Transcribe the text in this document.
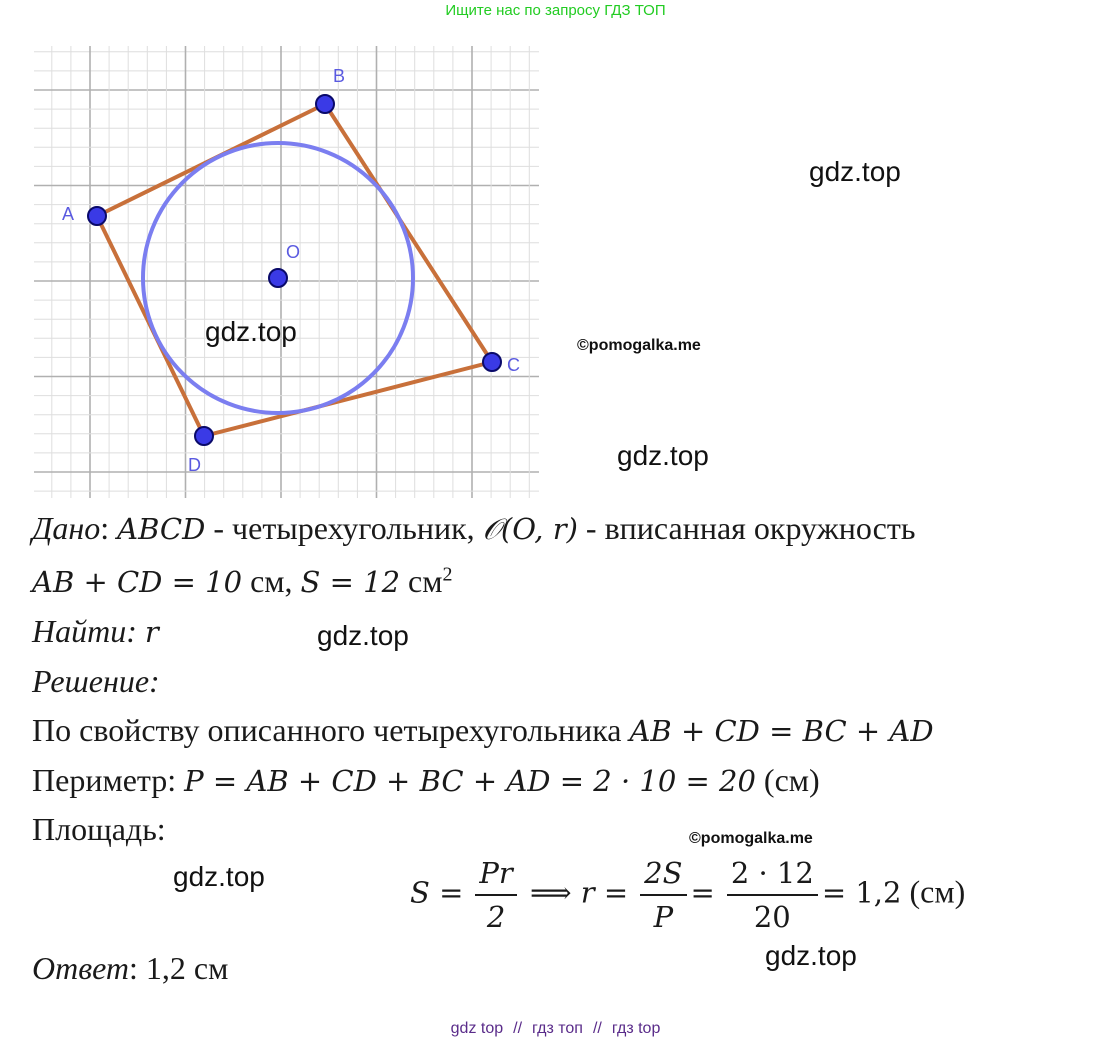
Ищите нас по запросу ГДЗ ТОП
A
B
C
D
O
gdz.top
gdz.top	©pomogalka.me
gdz.top
gdz.top
©pomogalka.me
gdz.top
gdz.top
Дано: ABCD - четырехугольник, 𝒪(O, r) - вписанная окружность
AB + CD = 10 см, S = 12 $см^2$
Найти: r
Решение:
По свойству описанного четырехугольника AB + CD = BC + AD
Периметр: P = AB + CD + BC + AD = 2 · 10 = 20 (см)
Площадь:
$S = \frac{Pr}{2}$ ⟹ $r = \frac{2S}{P} = \frac{2 \cdot 12}{20} = 1,2$ (см)
Ответ: 1,2 см
gdz top // гдз топ // гдз top
